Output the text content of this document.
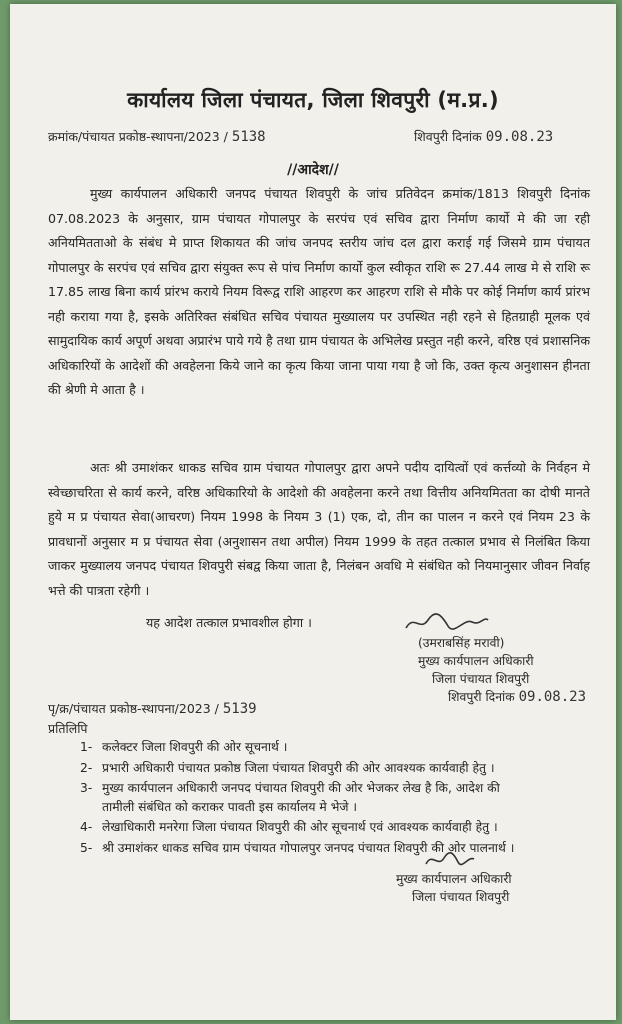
कार्यालय जिला पंचायत, जिला शिवपुरी (म.प्र.)
क्रमांक/पंचायत प्रकोष्ठ-स्थापना/2023 / 5138	शिवपुरी दिनांक 09.08.23
//आदेश//

मुख्य कार्यपालन अधिकारी जनपद पंचायत शिवपुरी के जांच प्रतिवेदन क्रमांक/1813 शिवपुरी दिनांक 07.08.2023 के अनुसार, ग्राम पंचायत गोपालपुर के सरपंच एवं सचिव द्वारा निर्माण कार्यो मे की जा रही अनियमितताओ के संबंध मे प्राप्त शिकायत की जांच जनपद स्तरीय जांच दल द्वारा कराई गई जिसमे ग्राम पंचायत गोपालपुर के सरपंच एवं सचिव द्वारा संयुक्त रूप से पांच निर्माण कार्यो कुल स्वीकृत राशि रू 27.44 लाख मे से राशि रू 17.85 लाख बिना कार्य प्रांरभ कराये नियम विरूद्व राशि आहरण कर आहरण राशि से मौके पर कोई निर्माण कार्य प्रांरभ नही कराया गया है, इसके अतिरिक्त संबंधित सचिव पंचायत मुख्यालय पर उपस्थित नही रहने से हितग्राही मूलक एवं सामुदायिक कार्य अपूर्ण अथवा अप्रारंभ पाये गये है तथा ग्राम पंचायत के अभिलेख प्रस्तुत नही करने, वरिष्ठ एवं प्रशासनिक अधिकारियों के आदेशों की अवहेलना किये जाने का कृत्य किया जाना पाया गया है जो कि, उक्त कृत्य अनुशासन हीनता की श्रेणी मे आता है ।

अतः श्री उमाशंकर धाकड सचिव ग्राम पंचायत गोपालपुर द्वारा अपने पदीय दायित्वों एवं कर्त्तव्यो के निर्वहन मे स्वेच्छाचरिता से कार्य करने, वरिष्ठ अधिकारियो के आदेशो की अवहेलना करने तथा वित्तीय अनियमितता का दोषी मानते हुये म प्र पंचायत सेवा(आचरण) नियम 1998 के नियम 3 (1) एक, दो, तीन का पालन न करने एवं नियम 23 के प्रावधानों अनुसार म प्र पंचायत सेवा (अनुशासन तथा अपील) नियम 1999 के तहत तत्काल प्रभाव से निलंबित किया जाकर मुख्यालय जनपद पंचायत शिवपुरी संबद्व किया जाता है, निलंबन अवधि मे संबंधित को नियमानुसार जीवन निर्वाह भत्ते की पात्रता रहेगी ।

यह आदेश तत्काल प्रभावशील होगा ।
(उमराबसिंह मरावी)
मुख्य कार्यपालन अधिकारी
जिला पंचायत शिवपुरी
शिवपुरी दिनांक 09.08.23
पृ/क्र/पंचायत प्रकोष्ठ-स्थापना/2023 / 5139
प्रतिलिपि
1- कलेक्टर जिला शिवपुरी की ओर सूचनार्थ ।
2- प्रभारी अधिकारी पंचायत प्रकोष्ठ जिला पंचायत शिवपुरी की ओर आवश्यक कार्यवाही हेतु ।
3- मुख्य कार्यपालन अधिकारी जनपद पंचायत शिवपुरी की ओर भेजकर लेख है कि, आदेश की
तामीली संबंधित को कराकर पावती इस कार्यालय मे भेजे ।
4- लेखाधिकारी मनरेगा जिला पंचायत शिवपुरी की ओर सूचनार्थ एवं आवश्यक कार्यवाही हेतु ।
5- श्री उमाशंकर धाकड सचिव ग्राम पंचायत गोपालपुर जनपद पंचायत शिवपुरी की ओर पालनार्थ ।
मुख्य कार्यपालन अधिकारी
जिला पंचायत शिवपुरी
